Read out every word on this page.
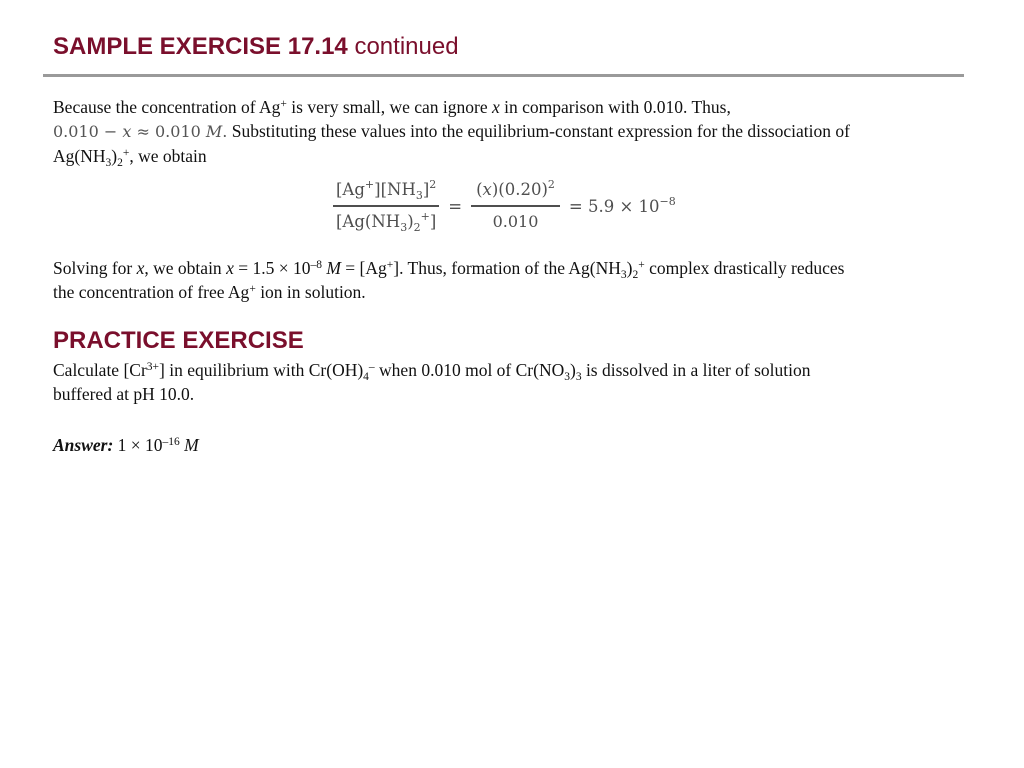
SAMPLE EXERCISE 17.14 continued

Because the concentration of Ag+ is very small, we can ignore x in comparison with 0.010. Thus,
0.010 − x ≈ 0.010 M. Substituting these values into the equilibrium-constant expression for the dissociation of
$Ag(NH_3)_2^+$, we obtain

$\frac{[Ag^+][NH_3]^2}{[Ag(NH_3)_2^+]} = \frac{(x)(0.20)^2}{0.010} = 5.9 \times 10^{-8}$

Solving for x, we obtain $x = 1.5 \times 10^{-8}$ M = [Ag+]. Thus, formation of the $Ag(NH_3)_2^+$ complex drastically reduces
the concentration of free Ag+ ion in solution.

PRACTICE EXERCISE

Calculate $[Cr^{3+}]$ in equilibrium with $Cr(OH)_4^-$ when 0.010 mol of $Cr(NO_3)_3$ is dissolved in a liter of solution
buffered at pH 10.0.

Answer: $1 \times 10^{-16}$ M
